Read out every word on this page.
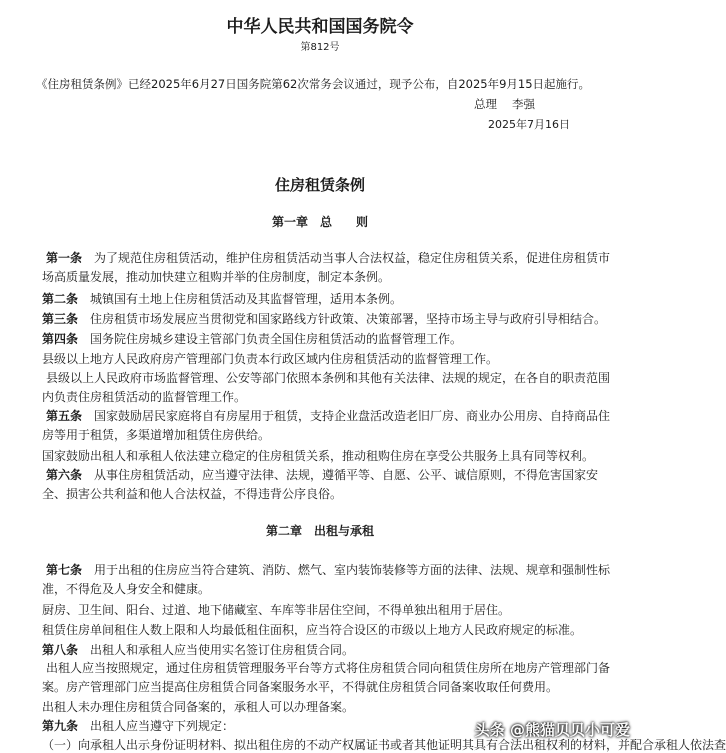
中华人民共和国国务院令
第812号
《住房租赁条例》已经2025年6月27日国务院第62次常务会议通过，现予公布，自2025年9月15日起施行。
总理 李强
2025年7月16日
住房租赁条例
第一章　总　　则
第一条 为了规范住房租赁活动，维护住房租赁活动当事人合法权益，稳定住房租赁关系，促进住房租赁市场高质量发展，推动加快建立租购并举的住房制度，制定本条例。
第二条 城镇国有土地上住房租赁活动及其监督管理，适用本条例。
第三条 住房租赁市场发展应当贯彻党和国家路线方针政策、决策部署，坚持市场主导与政府引导相结合。
第四条 国务院住房城乡建设主管部门负责全国住房租赁活动的监督管理工作。
县级以上地方人民政府房产管理部门负责本行政区域内住房租赁活动的监督管理工作。
县级以上人民政府市场监督管理、公安等部门依照本条例和其他有关法律、法规的规定，在各自的职责范围内负责住房租赁活动的监督管理工作。
第五条 国家鼓励居民家庭将自有房屋用于租赁，支持企业盘活改造老旧厂房、商业办公用房、自持商品住房等用于租赁，多渠道增加租赁住房供给。
国家鼓励出租人和承租人依法建立稳定的住房租赁关系，推动租购住房在享受公共服务上具有同等权利。
第六条 从事住房租赁活动，应当遵守法律、法规，遵循平等、自愿、公平、诚信原则，不得危害国家安全、损害公共利益和他人合法权益，不得违背公序良俗。
第二章　出租与承租
第七条 用于出租的住房应当符合建筑、消防、燃气、室内装饰装修等方面的法律、法规、规章和强制性标准，不得危及人身安全和健康。
厨房、卫生间、阳台、过道、地下储藏室、车库等非居住空间，不得单独出租用于居住。
租赁住房单间租住人数上限和人均最低租住面积，应当符合设区的市级以上地方人民政府规定的标准。
第八条 出租人和承租人应当使用实名签订住房租赁合同。
出租人应当按照规定，通过住房租赁管理服务平台等方式将住房租赁合同向租赁住房所在地房产管理部门备案。房产管理部门应当提高住房租赁合同备案服务水平，不得就住房租赁合同备案收取任何费用。
出租人未办理住房租赁合同备案的，承租人可以办理备案。
第九条 出租人应当遵守下列规定：
（一）向承租人出示身份证明材料、拟出租住房的不动产权属证书或者其他证明其具有合法出租权利的材料，并配合承租人依法查
头条 @熊猫贝贝小可爱
